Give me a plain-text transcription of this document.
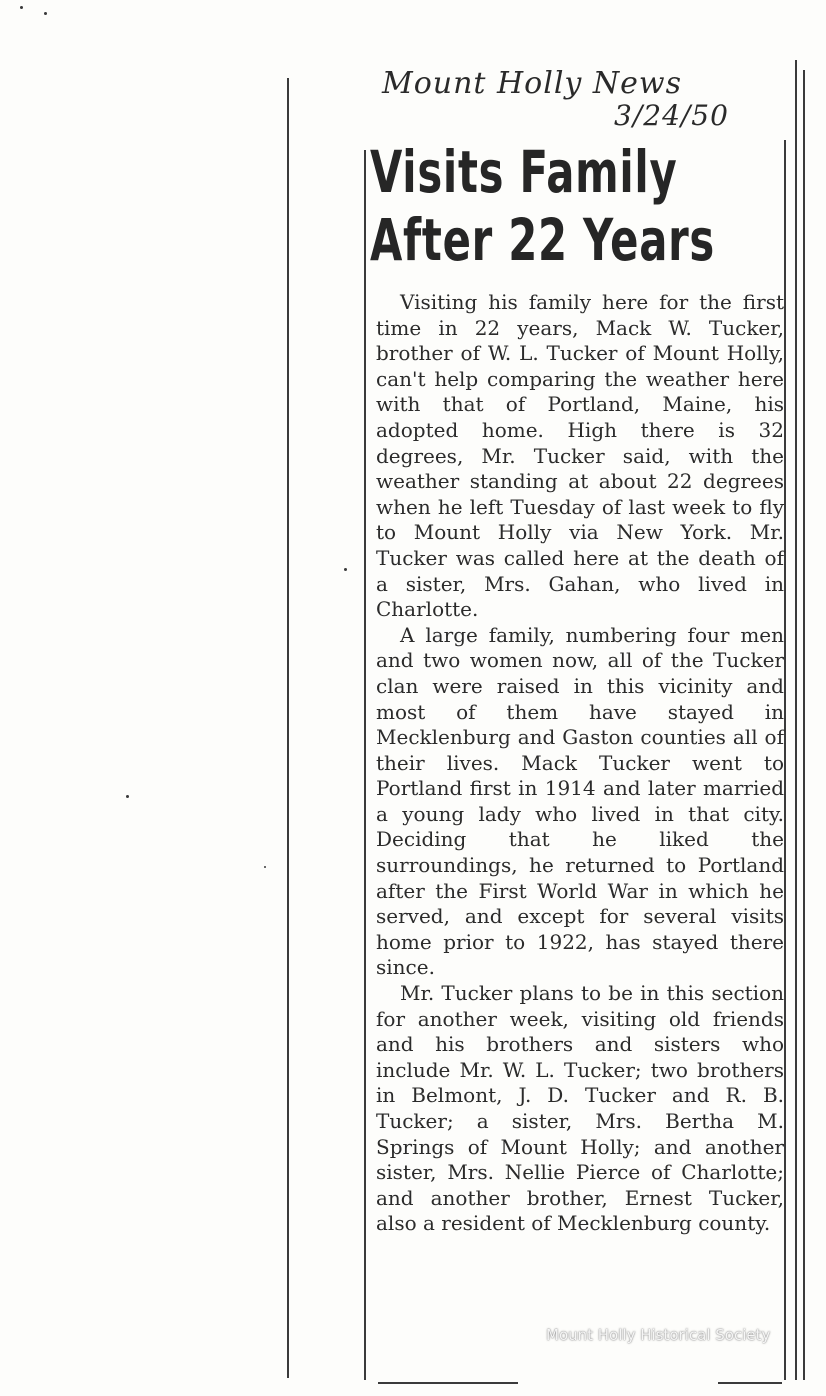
Mount Holly News
3/24/50
Visits Family
After 22 Years

Visiting his family here for the first time in 22 years, Mack W. Tucker, brother of W. L. Tucker of Mount Holly, can't help comparing the weather here with that of Portland, Maine, his adopted home. High there is 32 degrees, Mr. Tucker said, with the weather standing at about 22 degrees when he left Tuesday of last week to fly to Mount Holly via New York. Mr. Tucker was called here at the death of a sister, Mrs. Gahan, who lived in Charlotte.

A large family, numbering four men and two women now, all of the Tucker clan were raised in this vicinity and most of them have stayed in Mecklenburg and Gaston counties all of their lives. Mack Tucker went to Portland first in 1914 and later married a young lady who lived in that city. Deciding that he liked the surroundings, he returned to Portland after the First World War in which he served, and except for several visits home prior to 1922, has stayed there since.

Mr. Tucker plans to be in this section for another week, visiting old friends and his brothers and sisters who include Mr. W. L. Tucker; two brothers in Belmont, J. D. Tucker and R. B. Tucker; a sister, Mrs. Bertha M. Springs of Mount Holly; and another sister, Mrs. Nellie Pierce of Charlotte; and another brother, Ernest Tucker, also a resident of Mecklenburg county.

Mount Holly Historical Society
